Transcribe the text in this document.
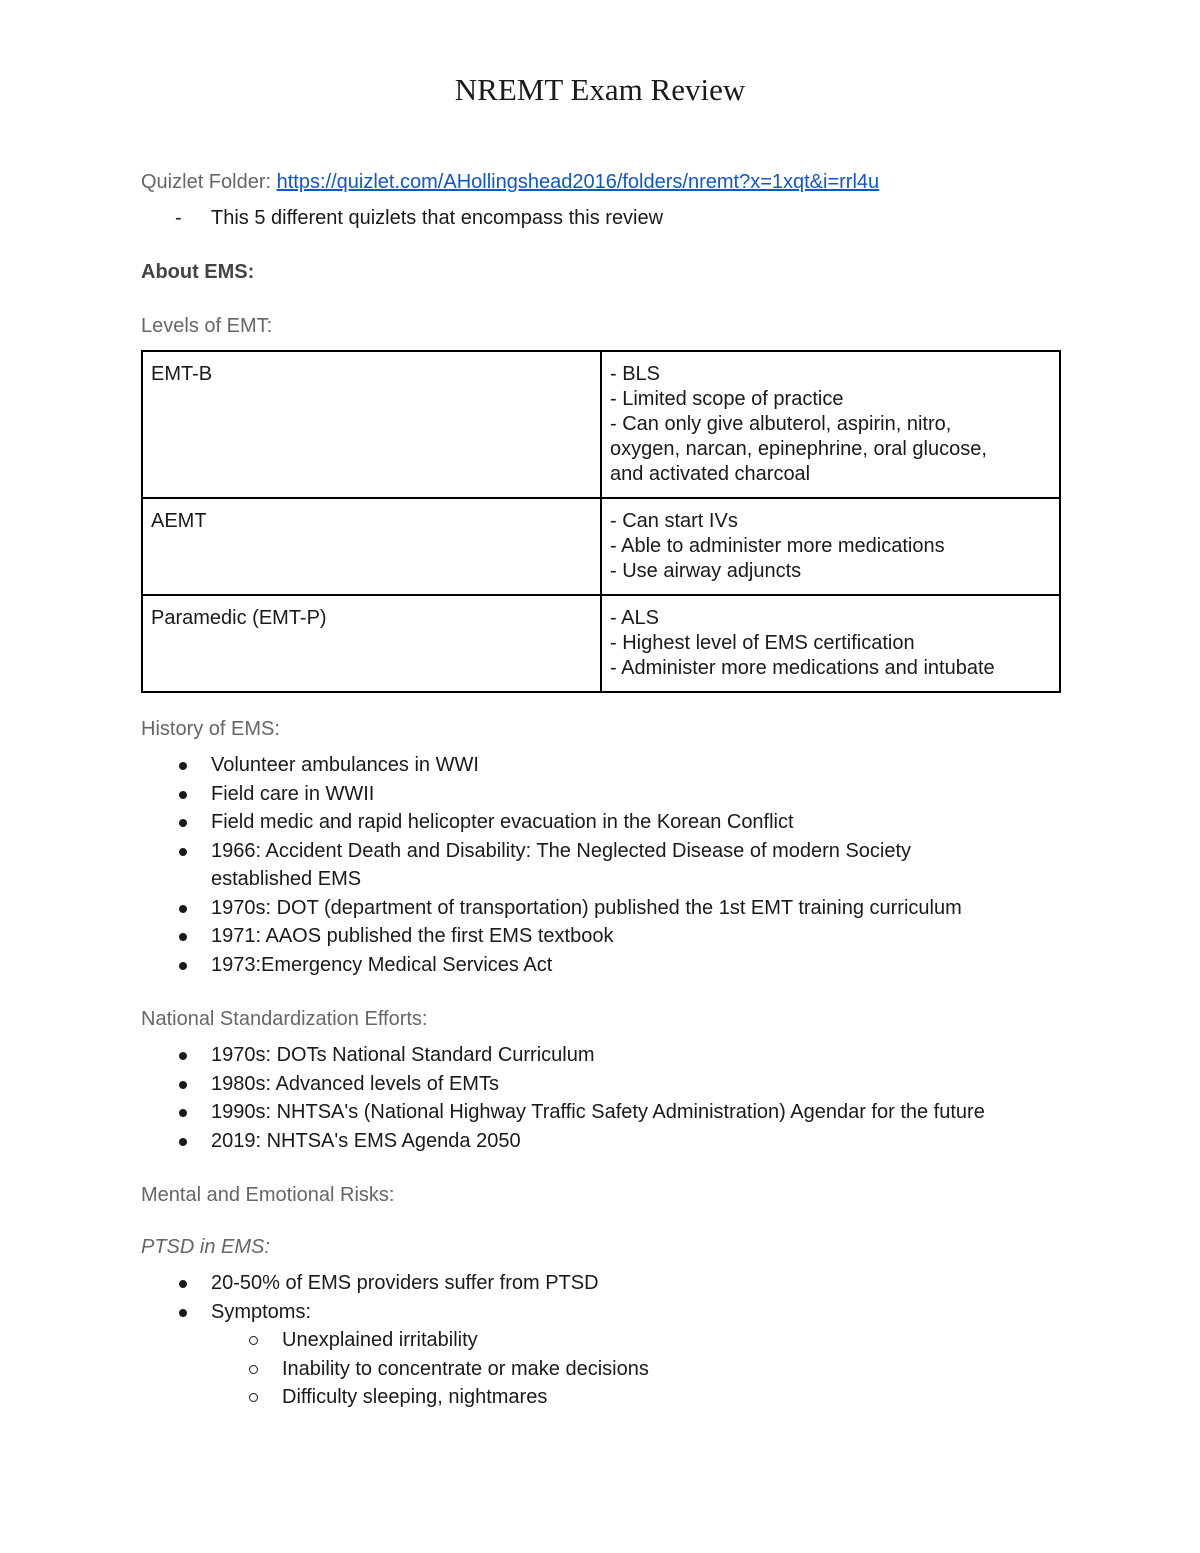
NREMT Exam Review
Quizlet Folder: https://quizlet.com/AHollingshead2016/folders/nremt?x=1xqt&i=rrl4u
- This 5 different quizlets that encompass this review
About EMS:
Levels of EMT:
EMT-B	- BLS
- Limited scope of practice
- Can only give albuterol, aspirin, nitro,
oxygen, narcan, epinephrine, oral glucose,
and activated charcoal

AEMT	- Can start IVs
- Able to administer more medications
- Use airway adjuncts

Paramedic (EMT-P)	- ALS
- Highest level of EMS certification
- Administer more medications and intubate
History of EMS:
Volunteer ambulances in WWI
Field care in WWII
Field medic and rapid helicopter evacuation in the Korean Conflict
1966: Accident Death and Disability: The Neglected Disease of modern Society established EMS
1970s: DOT (department of transportation) published the 1st EMT training curriculum
1971: AAOS published the first EMS textbook
1973:Emergency Medical Services Act
National Standardization Efforts:
1970s: DOTs National Standard Curriculum
1980s: Advanced levels of EMTs
1990s: NHTSA's (National Highway Traffic Safety Administration) Agendar for the future
2019: NHTSA's EMS Agenda 2050
Mental and Emotional Risks:
PTSD in EMS:
20-50% of EMS providers suffer from PTSD
Symptoms:
Unexplained irritability
Inability to concentrate or make decisions
Difficulty sleeping, nightmares
